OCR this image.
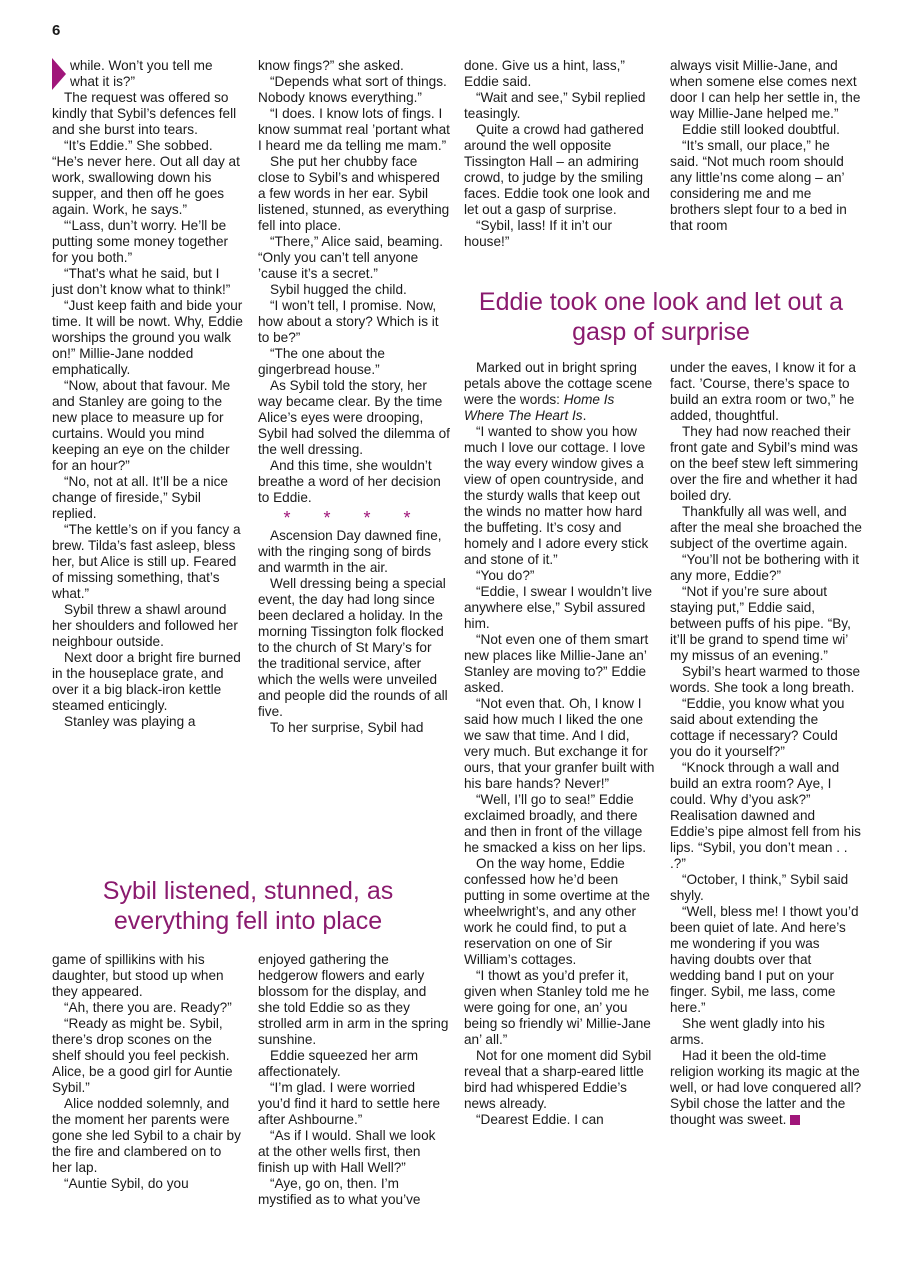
6

while. Won’t you tell me what it is?”

The request was offered so kindly that Sybil’s defences fell and she burst into tears.

“It’s Eddie.” She sobbed. “He’s never here. Out all day at work, swallowing down his supper, and then off he goes again. Work, he says.”

“‘Lass, dun’t worry. He’ll be putting some money together for you both.”

“That’s what he said, but I just don’t know what to think!”

“Just keep faith and bide your time. It will be nowt. Why, Eddie worships the ground you walk on!” Millie-Jane nodded emphatically.

“Now, about that favour. Me and Stanley are going to the new place to measure up for curtains. Would you mind keeping an eye on the childer for an hour?”

“No, not at all. It’ll be a nice change of fireside,” Sybil replied.

“The kettle’s on if you fancy a brew. Tilda’s fast asleep, bless her, but Alice is still up. Feared of missing something, that’s what.”

Sybil threw a shawl around her shoulders and followed her neighbour outside.

Next door a bright fire burned in the houseplace grate, and over it a big black-iron kettle steamed enticingly.

Stanley was playing a

know fings?” she asked.

“Depends what sort of things. Nobody knows everything.”

“I does. I know lots of fings. I know summat real ’portant what I heard me da telling me mam.”

She put her chubby face close to Sybil’s and whispered a few words in her ear. Sybil listened, stunned, as everything fell into place.

“There,” Alice said, beaming. “Only you can’t tell anyone ’cause it’s a secret.”

Sybil hugged the child.

“I won’t tell, I promise. Now, how about a story? Which is it to be?”

“The one about the gingerbread house.”

As Sybil told the story, her way became clear. By the time Alice’s eyes were drooping, Sybil had solved the dilemma of the well dressing.

And this time, she wouldn’t breathe a word of her decision to Eddie.

* * * *

Ascension Day dawned fine, with the ringing song of birds and warmth in the air.

Well dressing being a special event, the day had long since been declared a holiday. In the morning Tissington folk flocked to the church of St Mary’s for the traditional service, after which the wells were unveiled and people did the rounds of all five.

To her surprise, Sybil had

done. Give us a hint, lass,” Eddie said.

“Wait and see,” Sybil replied teasingly.

Quite a crowd had gathered around the well opposite Tissington Hall – an admiring crowd, to judge by the smiling faces. Eddie took one look and let out a gasp of surprise.

“Sybil, lass! If it in’t our house!”

always visit Millie-Jane, and when somene else comes next door I can help her settle in, the way Millie-Jane helped me.”

Eddie still looked doubtful.

“It’s small, our place,” he said. “Not much room should any little’ns come along – an’ considering me and me brothers slept four to a bed in that room

Eddie took one look and let out a gasp of surprise

Marked out in bright spring petals above the cottage scene were the words: Home Is Where The Heart Is.

“I wanted to show you how much I love our cottage. I love the way every window gives a view of open countryside, and the sturdy walls that keep out the winds no matter how hard the buffeting. It’s cosy and homely and I adore every stick and stone of it.”

“You do?”

“Eddie, I swear I wouldn’t live anywhere else,” Sybil assured him.

“Not even one of them smart new places like Millie-Jane an’ Stanley are moving to?” Eddie asked.

“Not even that. Oh, I know I said how much I liked the one we saw that time. And I did, very much. But exchange it for ours, that your granfer built with his bare hands? Never!”

“Well, I’ll go to sea!” Eddie exclaimed broadly, and there and then in front of the village he smacked a kiss on her lips.

On the way home, Eddie confessed how he’d been putting in some overtime at the wheelwright’s, and any other work he could find, to put a reservation on one of Sir William’s cottages.

“I thowt as you’d prefer it, given when Stanley told me he were going for one, an’ you being so friendly wi’ Millie-Jane an’ all.”

Not for one moment did Sybil reveal that a sharp-eared little bird had whispered Eddie’s news already.

“Dearest Eddie. I can

under the eaves, I know it for a fact. ’Course, there’s space to build an extra room or two,” he added, thoughtful.

They had now reached their front gate and Sybil’s mind was on the beef stew left simmering over the fire and whether it had boiled dry.

Thankfully all was well, and after the meal she broached the subject of the overtime again.

“You’ll not be bothering with it any more, Eddie?”

“Not if you’re sure about staying put,” Eddie said, between puffs of his pipe. “By, it’ll be grand to spend time wi’ my missus of an evening.”

Sybil’s heart warmed to those words. She took a long breath.

“Eddie, you know what you said about extending the cottage if necessary? Could you do it yourself?”

“Knock through a wall and build an extra room? Aye, I could. Why d’you ask?” Realisation dawned and Eddie’s pipe almost fell from his lips. “Sybil, you don’t mean . . .?”

“October, I think,” Sybil said shyly.

“Well, bless me! I thowt you’d been quiet of late. And here’s me wondering if you was having doubts over that wedding band I put on your finger. Sybil, me lass, come here.”

She went gladly into his arms.

Had it been the old-time religion working its magic at the well, or had love conquered all? Sybil chose the latter and the thought was sweet.

Sybil listened, stunned, as everything fell into place

game of spillikins with his daughter, but stood up when they appeared.

“Ah, there you are. Ready?”

“Ready as might be. Sybil, there’s drop scones on the shelf should you feel peckish. Alice, be a good girl for Auntie Sybil.”

Alice nodded solemnly, and the moment her parents were gone she led Sybil to a chair by the fire and clambered on to her lap.

“Auntie Sybil, do you

enjoyed gathering the hedgerow flowers and early blossom for the display, and she told Eddie so as they strolled arm in arm in the spring sunshine.

Eddie squeezed her arm affectionately.

“I’m glad. I were worried you’d find it hard to settle here after Ashbourne.”

“As if I would. Shall we look at the other wells first, then finish up with Hall Well?”

“Aye, go on, then. I’m mystified as to what you’ve
